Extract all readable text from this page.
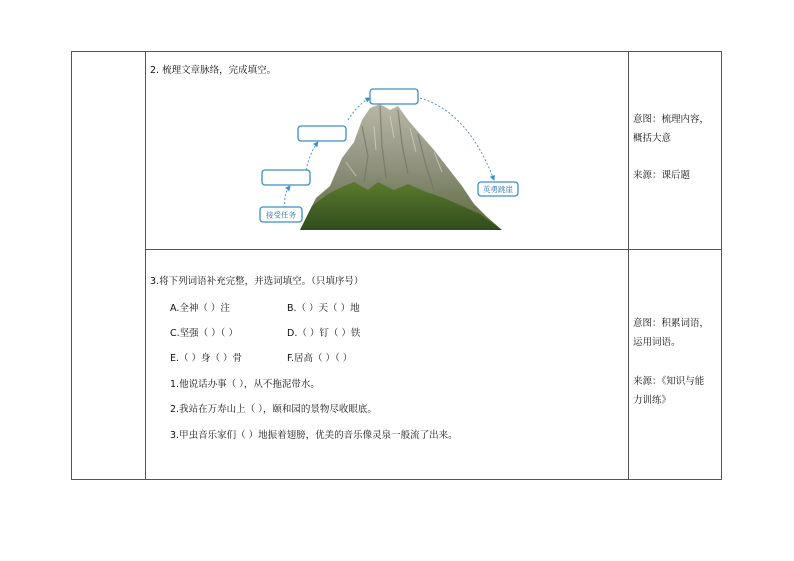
2. 梳理文章脉络，完成填空。
接受任务
英勇跳崖
意图：梳理内容，
概括大意
来源：课后题
3.将下列词语补充完整，并选词填空。（只填序号）
A.全神（ ）注	B.（ ）天（ ）地
C.坚强（ ）（ ）	D.（ ）钉（ ）铁
E.（ ）身（ ）骨	F.居高（ ）（ ）
1.他说话办事（ ），从不拖泥带水。
2.我站在万寿山上（ ），颐和园的景物尽收眼底。
3.甲虫音乐家们（ ）地振着翅膀，优美的音乐像灵泉一般流了出来。
意图：积累词语，
运用词语。
来源：《知识与能
力训练》
